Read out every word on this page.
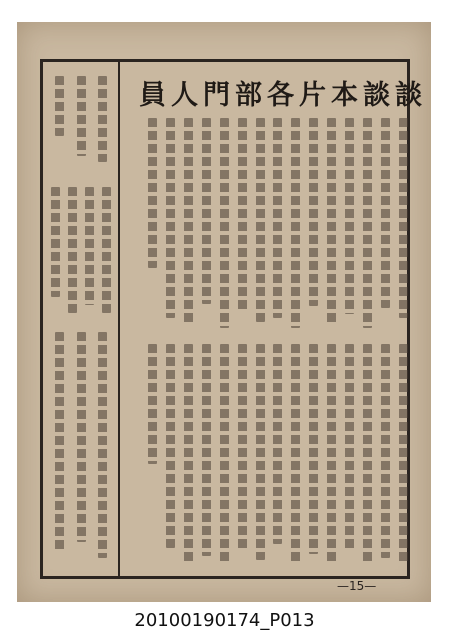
談談本片各部門人員
—15—
20100190174_P013
